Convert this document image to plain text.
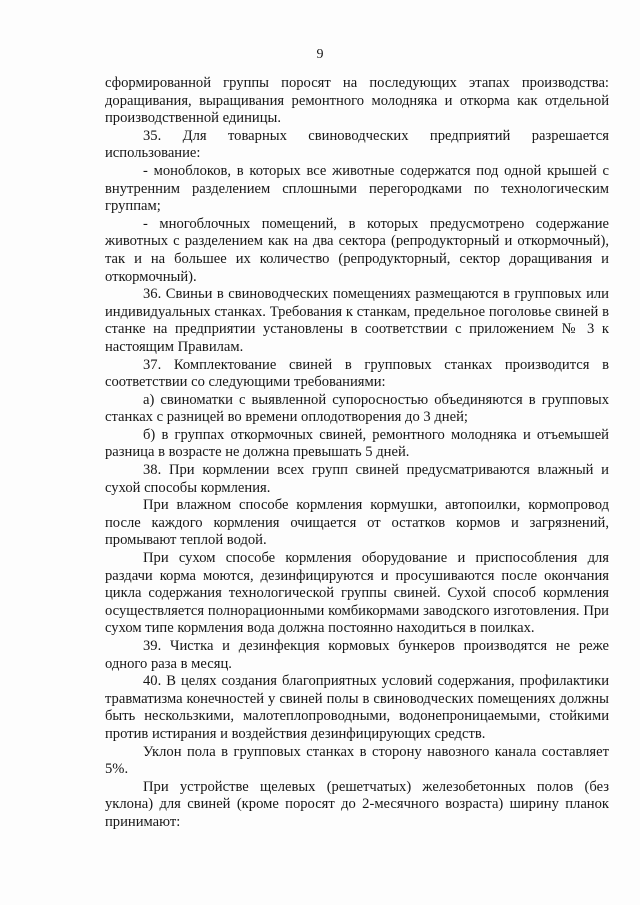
9

сформированной группы поросят на последующих этапах производства: доращивания, выращивания ремонтного молодняка и откорма как отдельной производственной единицы.

35. Для товарных свиноводческих предприятий разрешается использование:

- моноблоков, в которых все животные содержатся под одной крышей с внутренним разделением сплошными перегородками по технологическим группам;

- многоблочных помещений, в которых предусмотрено содержание животных с разделением как на два сектора (репродукторный и откормочный), так и на большее их количество (репродукторный, сектор доращивания и откормочный).

36. Свиньи в свиноводческих помещениях размещаются в групповых или индивидуальных станках. Требования к станкам, предельное поголовье свиней в станке на предприятии установлены в соответствии с приложением № 3 к настоящим Правилам.

37. Комплектование свиней в групповых станках производится в соответствии со следующими требованиями:

а) свиноматки с выявленной супоросностью объединяются в групповых станках с разницей во времени оплодотворения до 3 дней;

б) в группах откормочных свиней, ремонтного молодняка и отъемышей разница в возрасте не должна превышать 5 дней.

38. При кормлении всех групп свиней предусматриваются влажный и сухой способы кормления.

При влажном способе кормления кормушки, автопоилки, кормопровод после каждого кормления очищается от остатков кормов и загрязнений, промывают теплой водой.

При сухом способе кормления оборудование и приспособления для раздачи корма моются, дезинфицируются и просушиваются после окончания цикла содержания технологической группы свиней. Сухой способ кормления осуществляется полнорационными комбикормами заводского изготовления. При сухом типе кормления вода должна постоянно находиться в поилках.

39. Чистка и дезинфекция кормовых бункеров производятся не реже одного раза в месяц.

40. В целях создания благоприятных условий содержания, профилактики травматизма конечностей у свиней полы в свиноводческих помещениях должны быть нескользкими, малотеплопроводными, водонепроницаемыми, стойкими против истирания и воздействия дезинфицирующих средств.

Уклон пола в групповых станках в сторону навозного канала составляет 5%.

При устройстве щелевых (решетчатых) железобетонных полов (без уклона) для свиней (кроме поросят до 2-месячного возраста) ширину планок принимают:
